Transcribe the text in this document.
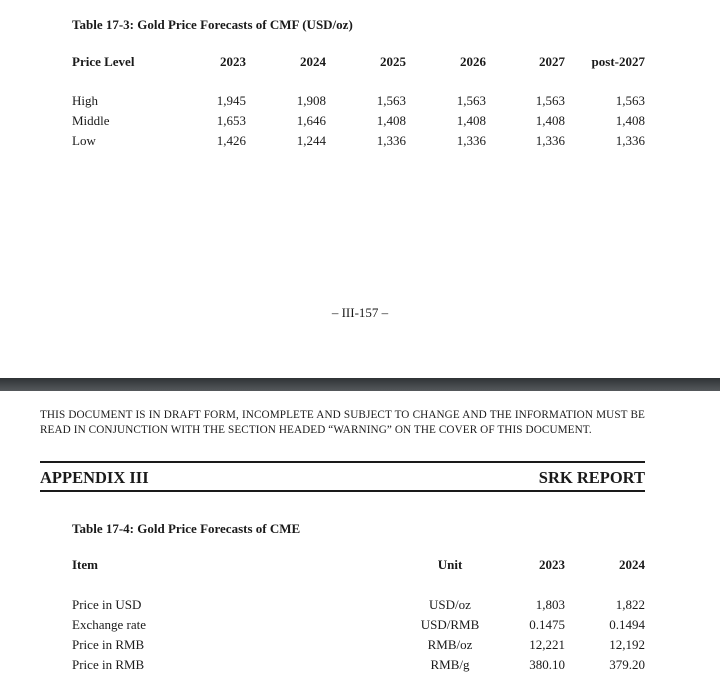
Table 17-3: Gold Price Forecasts of CMF (USD/oz)
Price Level	2023	2024	2025	2026	2027	post-2027
High	1,945	1,908	1,563	1,563	1,563	1,563
Middle	1,653	1,646	1,408	1,408	1,408	1,408
Low	1,426	1,244	1,336	1,336	1,336	1,336
– III-157 –
THIS DOCUMENT IS IN DRAFT FORM, INCOMPLETE AND SUBJECT TO CHANGE AND THE INFORMATION MUST BE READ IN CONJUNCTION WITH THE SECTION HEADED “WARNING” ON THE COVER OF THIS DOCUMENT.
APPENDIX III	SRK REPORT
Table 17-4: Gold Price Forecasts of CME
Item	Unit	2023	2024
Price in USD	USD/oz	1,803	1,822
Exchange rate	USD/RMB	0.1475	0.1494
Price in RMB	RMB/oz	12,221	12,192
Price in RMB	RMB/g	380.10	379.20
